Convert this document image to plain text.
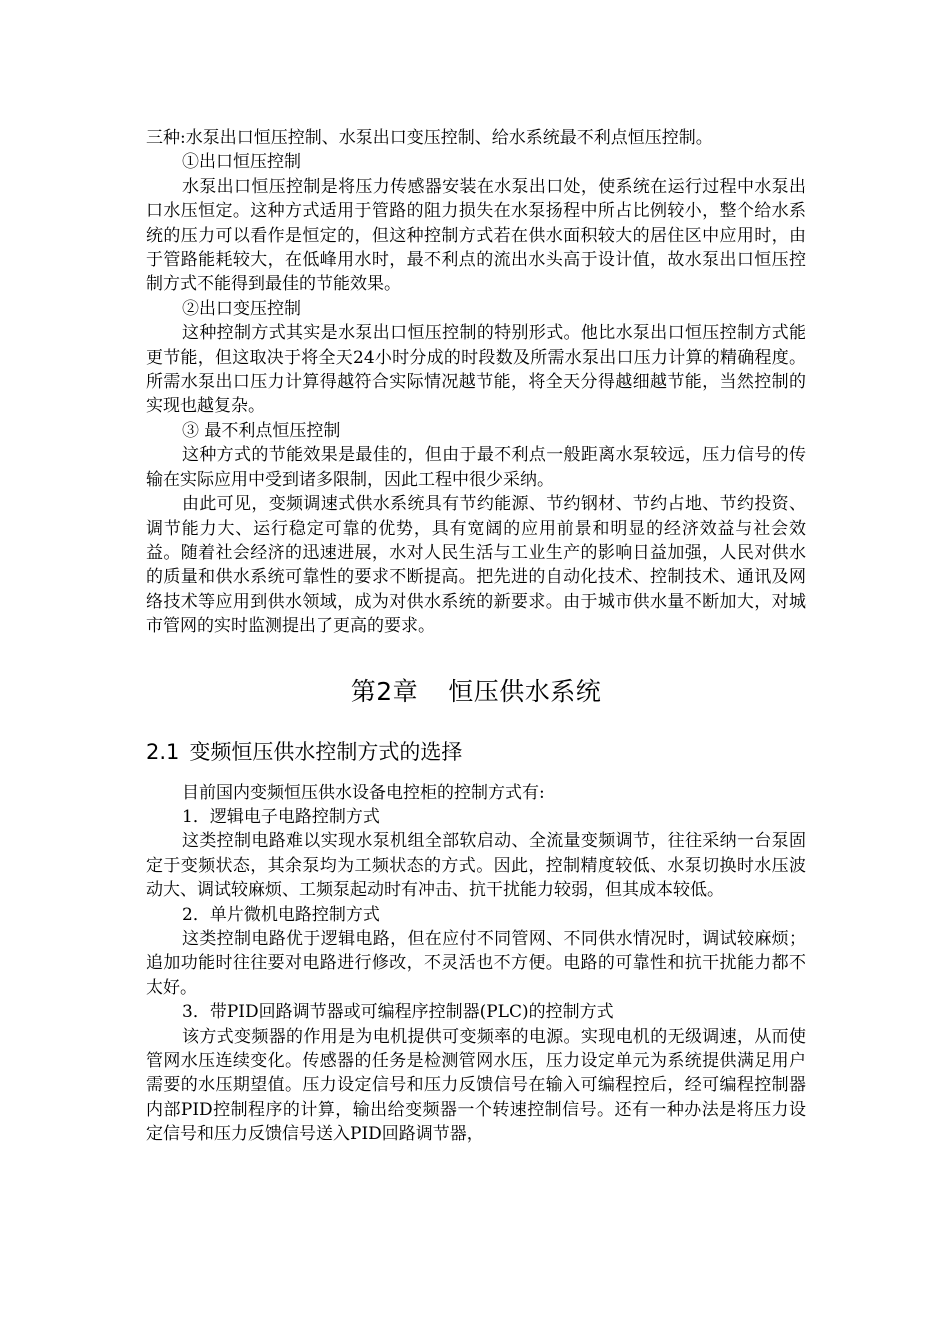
三种:水泵出口恒压控制、水泵出口变压控制、给水系统最不利点恒压控制。

①出口恒压控制

水泵出口恒压控制是将压力传感器安装在水泵出口处，使系统在运行过程中水泵出口水压恒定。这种方式适用于管路的阻力损失在水泵扬程中所占比例较小，整个给水系统的压力可以看作是恒定的，但这种控制方式若在供水面积较大的居住区中应用时，由于管路能耗较大，在低峰用水时，最不利点的流出水头高于设计值，故水泵出口恒压控制方式不能得到最佳的节能效果。

②出口变压控制

这种控制方式其实是水泵出口恒压控制的特别形式。他比水泵出口恒压控制方式能更节能，但这取决于将全天24小时分成的时段数及所需水泵出口压力计算的精确程度。所需水泵出口压力计算得越符合实际情况越节能，将全天分得越细越节能，当然控制的实现也越复杂。

③ 最不利点恒压控制

这种方式的节能效果是最佳的，但由于最不利点一般距离水泵较远，压力信号的传输在实际应用中受到诸多限制，因此工程中很少采纳。

由此可见，变频调速式供水系统具有节约能源、节约钢材、节约占地、节约投资、调节能力大、运行稳定可靠的优势，具有宽阔的应用前景和明显的经济效益与社会效益。随着社会经济的迅速进展，水对人民生活与工业生产的影响日益加强，人民对供水的质量和供水系统可靠性的要求不断提高。把先进的自动化技术、控制技术、通讯及网络技术等应用到供水领域，成为对供水系统的新要求。由于城市供水量不断加大，对城市管网的实时监测提出了更高的要求。

第2章 恒压供水系统
2.1 变频恒压供水控制方式的选择

目前国内变频恒压供水设备电控柜的控制方式有:

1．逻辑电子电路控制方式

这类控制电路难以实现水泵机组全部软启动、全流量变频调节，往往采纳一台泵固定于变频状态，其余泵均为工频状态的方式。因此，控制精度较低、水泵切换时水压波动大、调试较麻烦、工频泵起动时有冲击、抗干扰能力较弱，但其成本较低。

2．单片微机电路控制方式

这类控制电路优于逻辑电路，但在应付不同管网、不同供水情况时，调试较麻烦；追加功能时往往要对电路进行修改，不灵活也不方便。电路的可靠性和抗干扰能力都不太好。

3．带PID回路调节器或可编程序控制器(PLC)的控制方式

该方式变频器的作用是为电机提供可变频率的电源。实现电机的无级调速，从而使管网水压连续变化。传感器的任务是检测管网水压，压力设定单元为系统提供满足用户需要的水压期望值。压力设定信号和压力反馈信号在输入可编程控后，经可编程控制器内部PID控制程序的计算，输出给变频器一个转速控制信号。还有一种办法是将压力设定信号和压力反馈信号送入PID回路调节器，
